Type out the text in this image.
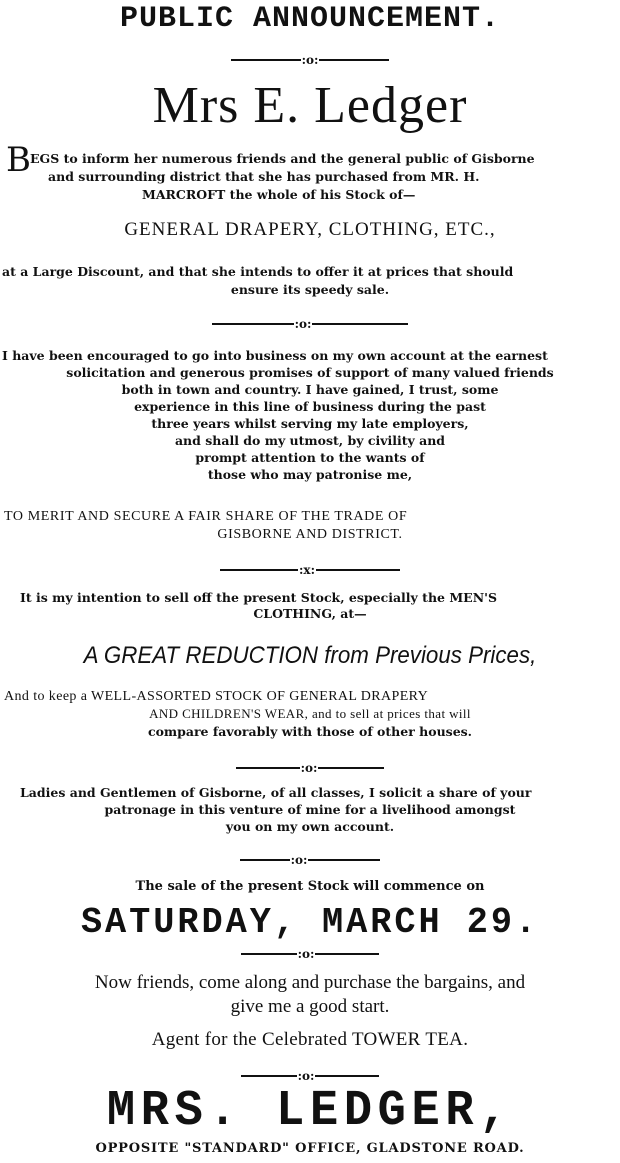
PUBLIC ANNOUNCEMENT.
:o:
Mrs E. Ledger
B EGS to inform her numerous friends and the general public of Gisborne
and surrounding district that she has purchased from MR. H.
MARCROFT the whole of his Stock of—
GENERAL DRAPERY, CLOTHING, ETC.,
at a Large Discount, and that she intends to offer it at prices that should
ensure its speedy sale.
:o:
I have been encouraged to go into business on my own account at the earnest
solicitation and generous promises of support of many valued friends
both in town and country. I have gained, I trust, some
experience in this line of business during the past
three years whilst serving my late employers,
and shall do my utmost, by civility and
prompt attention to the wants of
those who may patronise me,
TO MERIT AND SECURE A FAIR SHARE OF THE TRADE OF
GISBORNE AND DISTRICT.
:x:
It is my intention to sell off the present Stock, especially the MEN'S
CLOTHING, at—
A GREAT REDUCTION from Previous Prices,
And to keep a WELL-ASSORTED STOCK OF GENERAL DRAPERY
AND CHILDREN'S WEAR, and to sell at prices that will
compare favorably with those of other houses.
:o:
Ladies and Gentlemen of Gisborne, of all classes, I solicit a share of your
patronage in this venture of mine for a livelihood amongst
you on my own account.
:o:
The sale of the present Stock will commence on
SATURDAY, MARCH 29.
:o:
Now friends, come along and purchase the bargains, and
give me a good start.
Agent for the Celebrated TOWER TEA.
:o:
MRS. LEDGER,
OPPOSITE "STANDARD" OFFICE, GLADSTONE ROAD.
